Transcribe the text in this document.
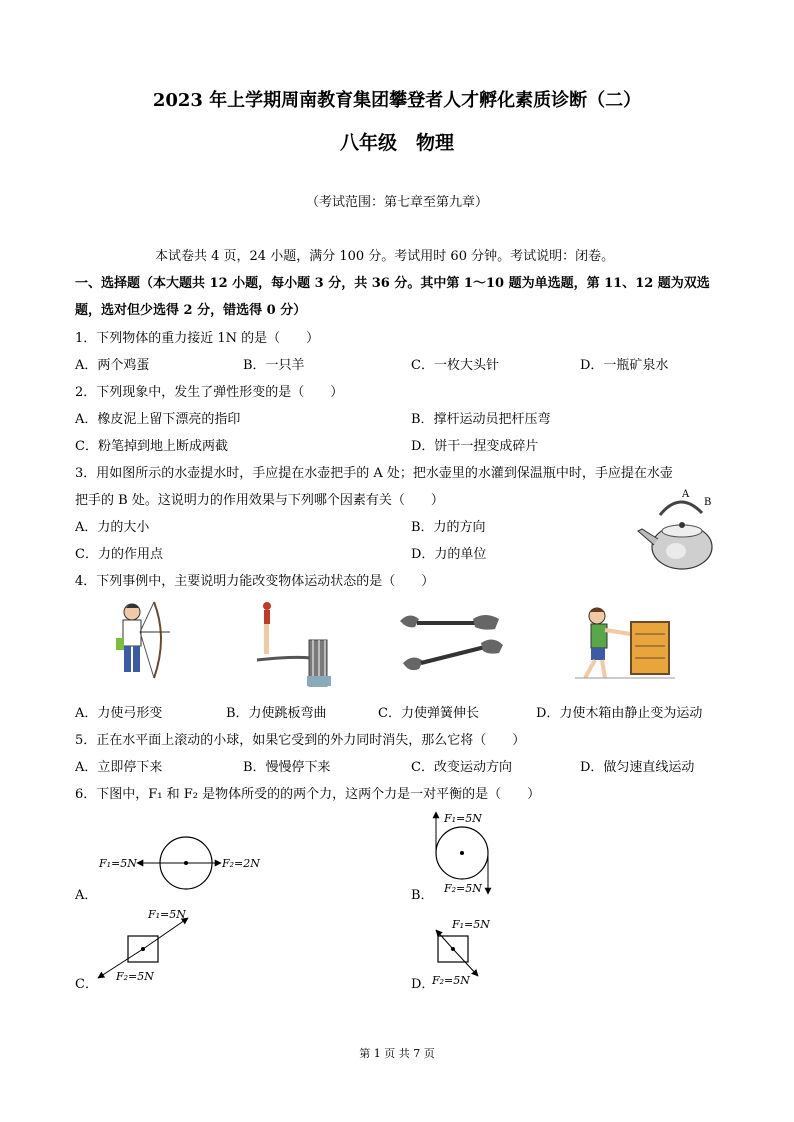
2023 年上学期周南教育集团攀登者人才孵化素质诊断（二）
八年级　物理
（考试范围：第七章至第九章）
本试卷共 4 页，24 小题，满分 100 分。考试用时 60 分钟。考试说明：闭卷。
一、选择题（本大题共 12 小题，每小题 3 分，共 36 分。其中第 1～10 题为单选题，第 11、12 题为双选
题，选对但少选得 2 分，错选得 0 分）
1．下列物体的重力接近 1N 的是（　　）
A．两个鸡蛋	B．一只羊	C．一枚大头针	D．一瓶矿泉水
2．下列现象中，发生了弹性形变的是（　　）
A．橡皮泥上留下漂亮的指印	B．撑杆运动员把杆压弯
C．粉笔掉到地上断成两截	D．饼干一捏变成碎片
3．用如图所示的水壶提水时，手应提在水壶把手的 A 处；把水壶里的水灌到保温瓶中时，手应提在水壶
把手的 B 处。这说明力的作用效果与下列哪个因素有关（　　）
A．力的大小	B．力的方向
C．力的作用点	D．力的单位
A
B
4．下列事例中，主要说明力能改变物体运动状态的是（　　）
A．力使弓形变	B．力使跳板弯曲	C．力使弹簧伸长	D．力使木箱由静止变为运动
5．正在水平面上滚动的小球，如果它受到的外力同时消失，那么它将（　　）
A．立即停下来	B．慢慢停下来	C．改变运动方向	D．做匀速直线运动
6．下图中，F₁ 和 F₂ 是物体所受的的两个力，这两个力是一对平衡的是（　　）
A．
F₁=5N	F₂=2N
B．
F₁=5N
F₂=5N
C．
F₁=5N
F₂=5N
D．
F₁=5N
F₂=5N
第 1 页 共 7 页
